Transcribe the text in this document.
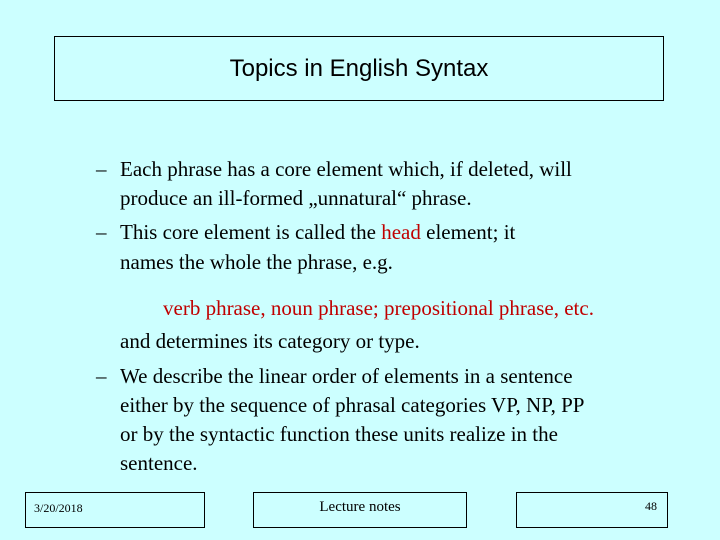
Topics in English Syntax
– Each phrase has a core element which, if deleted, will
produce an ill-formed „unnatural“ phrase.
– This core element is called the head element; it
names the whole the phrase, e.g.
verb phrase, noun phrase; prepositional phrase, etc.
and determines its category or type.
– We describe the linear order of elements in a sentence
either by the sequence of phrasal categories VP, NP, PP
or by the syntactic function these units realize in the
sentence.
3/20/2018	Lecture notes	48
